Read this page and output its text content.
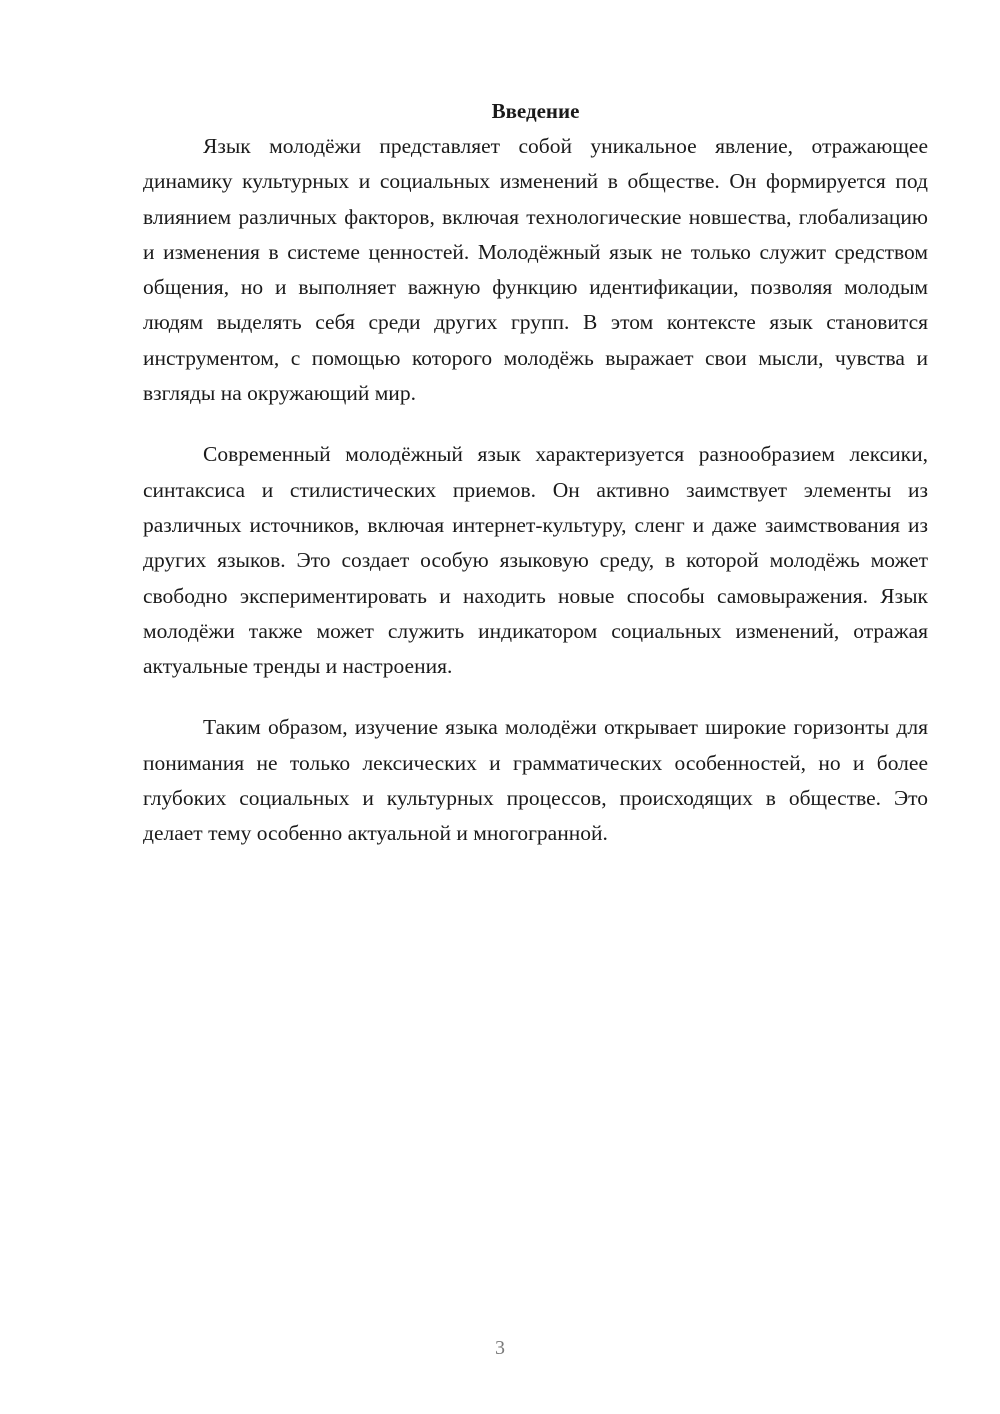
Введение

Язык молодёжи представляет собой уникальное явление, отражающее динамику культурных и социальных изменений в обществе. Он формируется под влиянием различных факторов, включая технологические новшества, глобализацию и изменения в системе ценностей. Молодёжный язык не только служит средством общения, но и выполняет важную функцию идентификации, позволяя молодым людям выделять себя среди других групп. В этом контексте язык становится инструментом, с помощью которого молодёжь выражает свои мысли, чувства и взгляды на окружающий мир.

Современный молодёжный язык характеризуется разнообразием лексики, синтаксиса и стилистических приемов. Он активно заимствует элементы из различных источников, включая интернет-культуру, сленг и даже заимствования из других языков. Это создает особую языковую среду, в которой молодёжь может свободно экспериментировать и находить новые способы самовыражения. Язык молодёжи также может служить индикатором социальных изменений, отражая актуальные тренды и настроения.

Таким образом, изучение языка молодёжи открывает широкие горизонты для понимания не только лексических и грамматических особенностей, но и более глубоких социальных и культурных процессов, происходящих в обществе. Это делает тему особенно актуальной и многогранной.

3
